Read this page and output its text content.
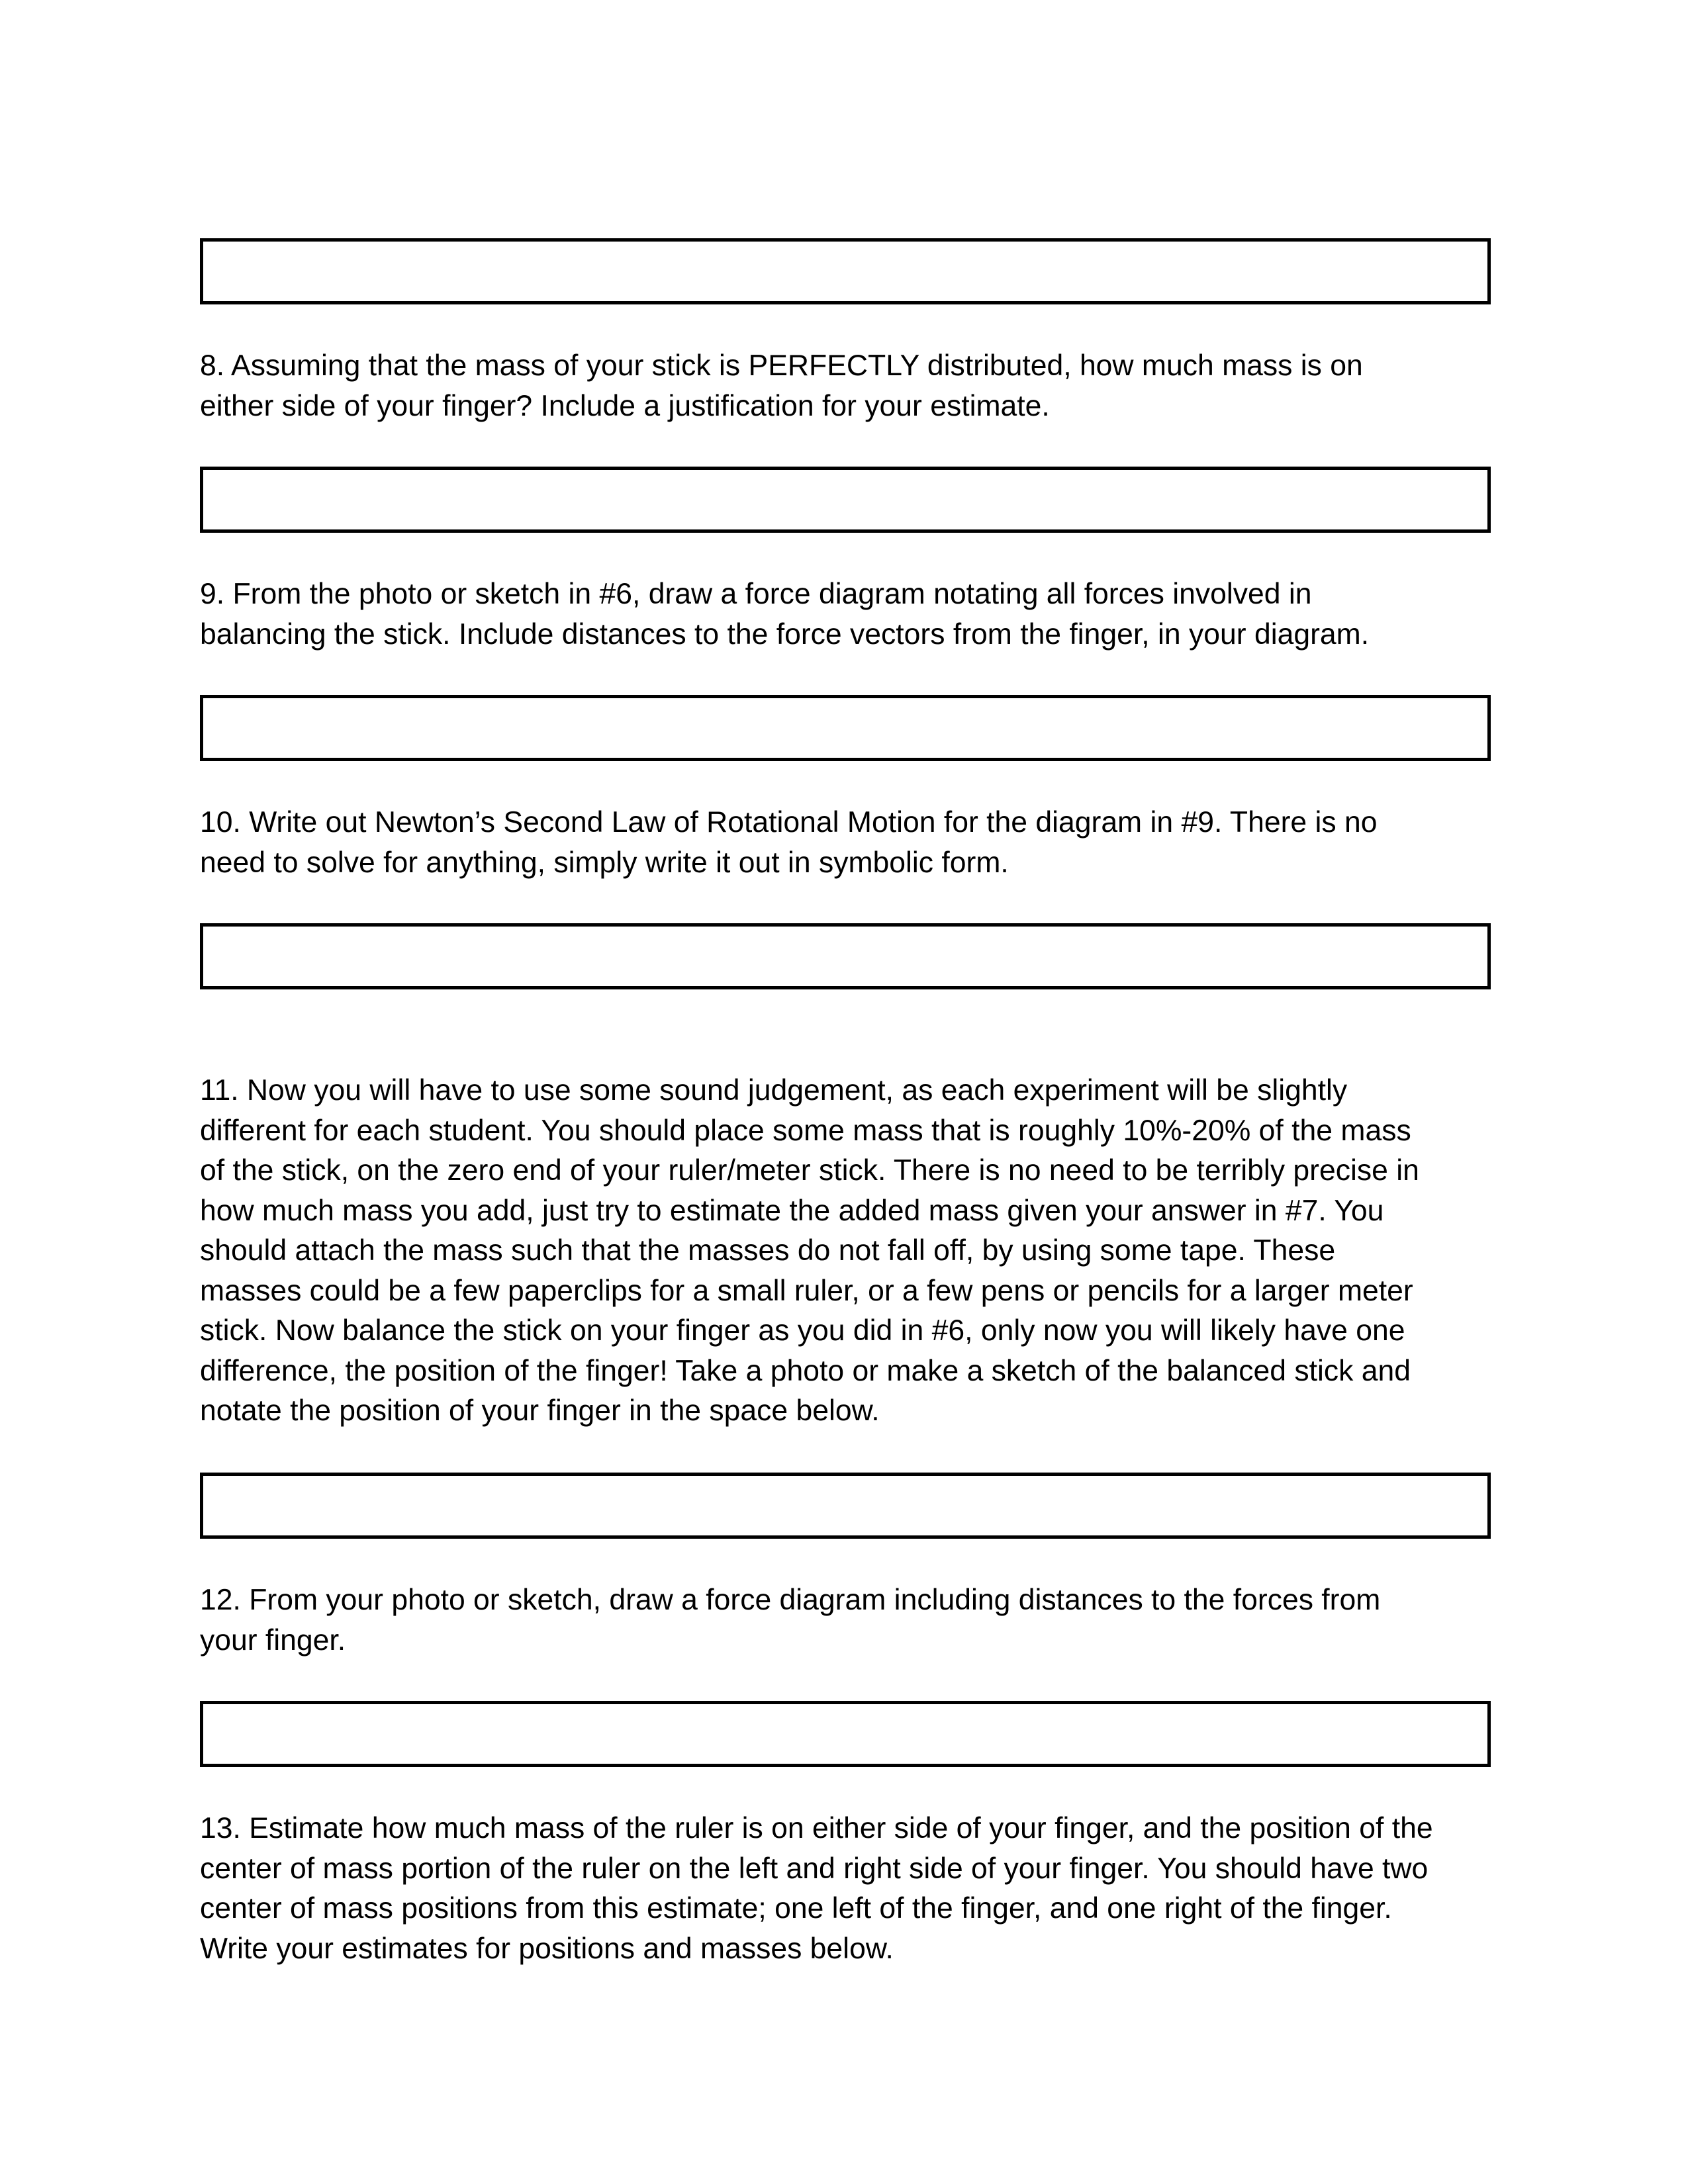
8. Assuming that the mass of your stick is PERFECTLY distributed, how much mass is on
either side of your finger? Include a justification for your estimate.

9. From the photo or sketch in #6, draw a force diagram notating all forces involved in
balancing the stick. Include distances to the force vectors from the finger, in your diagram.

10. Write out Newton’s Second Law of Rotational Motion for the diagram in #9. There is no
need to solve for anything, simply write it out in symbolic form.

11. Now you will have to use some sound judgement, as each experiment will be slightly
different for each student. You should place some mass that is roughly 10%-20% of the mass
of the stick, on the zero end of your ruler/meter stick. There is no need to be terribly precise in
how much mass you add, just try to estimate the added mass given your answer in #7. You
should attach the mass such that the masses do not fall off, by using some tape. These
masses could be a few paperclips for a small ruler, or a few pens or pencils for a larger meter
stick. Now balance the stick on your finger as you did in #6, only now you will likely have one
difference, the position of the finger! Take a photo or make a sketch of the balanced stick and
notate the position of your finger in the space below.

12. From your photo or sketch, draw a force diagram including distances to the forces from
your finger.

13. Estimate how much mass of the ruler is on either side of your finger, and the position of the
center of mass portion of the ruler on the left and right side of your finger. You should have two
center of mass positions from this estimate; one left of the finger, and one right of the finger.
Write your estimates for positions and masses below.
